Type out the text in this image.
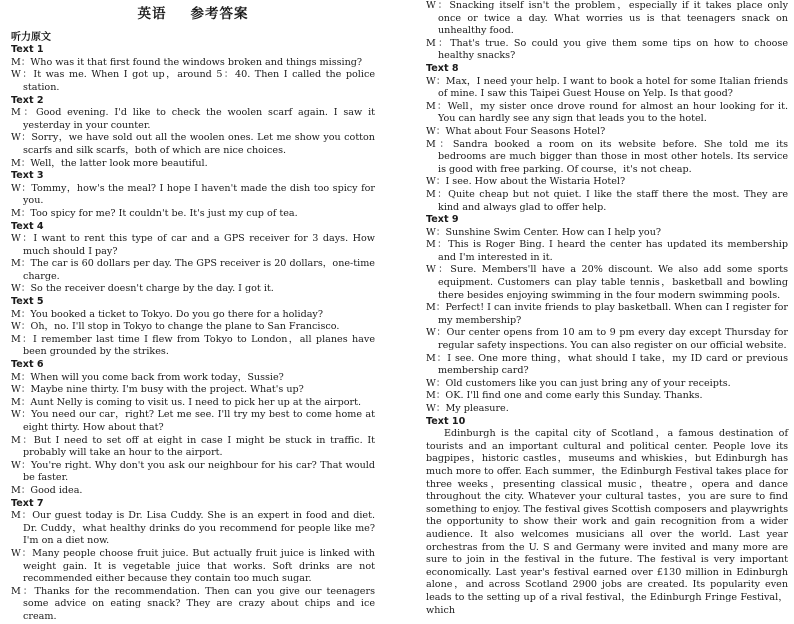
英语 参考答案
听力原文
Text 1
M：Who was it that first found the windows broken and things missing?
W：It was me. When I got up，around 5：40. Then I called the police station.
Text 2
M：Good evening. I'd like to check the woolen scarf again. I saw it yesterday in your counter.
W：Sorry，we have sold out all the woolen ones. Let me show you cotton scarfs and silk scarfs，both of which are nice choices.
M：Well，the latter look more beautiful.
Text 3
W：Tommy，how's the meal? I hope I haven't made the dish too spicy for you.
M：Too spicy for me? It couldn't be. It's just my cup of tea.
Text 4
W：I want to rent this type of car and a GPS receiver for 3 days. How much should I pay?
M：The car is 60 dollars per day. The GPS receiver is 20 dollars，one-time charge.
W：So the receiver doesn't charge by the day. I got it.
Text 5
M：You booked a ticket to Tokyo. Do you go there for a holiday?
W：Oh，no. I'll stop in Tokyo to change the plane to San Francisco.
M：I remember last time I flew from Tokyo to London，all planes have been grounded by the strikes.
Text 6
M：When will you come back from work today，Sussie?
W：Maybe nine thirty. I'm busy with the project. What's up?
M：Aunt Nelly is coming to visit us. I need to pick her up at the airport.
W：You need our car，right? Let me see. I'll try my best to come home at eight thirty. How about that?
M：But I need to set off at eight in case I might be stuck in traffic. It probably will take an hour to the airport.
W：You're right. Why don't you ask our neighbour for his car? That would be faster.
M：Good idea.
Text 7
M：Our guest today is Dr. Lisa Cuddy. She is an expert in food and diet. Dr. Cuddy，what healthy drinks do you recommend for people like me? I'm on a diet now.
W：Many people choose fruit juice. But actually fruit juice is linked with weight gain. It is vegetable juice that works. Soft drinks are not recommended either because they contain too much sugar.
M：Thanks for the recommendation. Then can you give our teenagers some advice on eating snack? They are crazy about chips and ice cream.
W：Snacking itself isn't the problem，especially if it takes place only once or twice a day. What worries us is that teenagers snack on unhealthy food.
M：That's true. So could you give them some tips on how to choose healthy snacks?
Text 8
W：Max，I need your help. I want to book a hotel for some Italian friends of mine. I saw this Taipei Guest House on Yelp. Is that good?
M：Well，my sister once drove round for almost an hour looking for it. You can hardly see any sign that leads you to the hotel.
W：What about Four Seasons Hotel?
M：Sandra booked a room on its website before. She told me its bedrooms are much bigger than those in most other hotels. Its service is good with free parking. Of course，it's not cheap.
W：I see. How about the Wistaria Hotel?
M：Quite cheap but not quiet. I like the staff there the most. They are kind and always glad to offer help.
Text 9
W：Sunshine Swim Center. How can I help you?
M：This is Roger Bing. I heard the center has updated its membership and I'm interested in it.
W：Sure. Members'll have a 20% discount. We also add some sports equipment. Customers can play table tennis，basketball and bowling there besides enjoying swimming in the four modern swimming pools.
M：Perfect! I can invite friends to play basketball. When can I register for my membership?
W：Our center opens from 10 am to 9 pm every day except Thursday for regular safety inspections. You can also register on our official website.
M：I see. One more thing，what should I take，my ID card or previous membership card?
W：Old customers like you can just bring any of your receipts.
M：OK. I'll find one and come early this Sunday. Thanks.
W：My pleasure.
Text 10
Edinburgh is the capital city of Scotland，a famous destination of tourists and an important cultural and political center. People love its bagpipes，historic castles，museums and whiskies，but Edinburgh has much more to offer. Each summer，the Edinburgh Festival takes place for three weeks，presenting classical music，theatre，opera and dance throughout the city. Whatever your cultural tastes，you are sure to find something to enjoy. The festival gives Scottish composers and playwrights the opportunity to show their work and gain recognition from a wider audience. It also welcomes musicians all over the world. Last year orchestras from the U. S and Germany were invited and many more are sure to join in the festival in the future. The festival is very important economically. Last year's festival earned over £130 million in Edinburgh alone，and across Scotland 2900 jobs are created. Its popularity even leads to the setting up of a rival festival，the Edinburgh Fringe Festival，which
